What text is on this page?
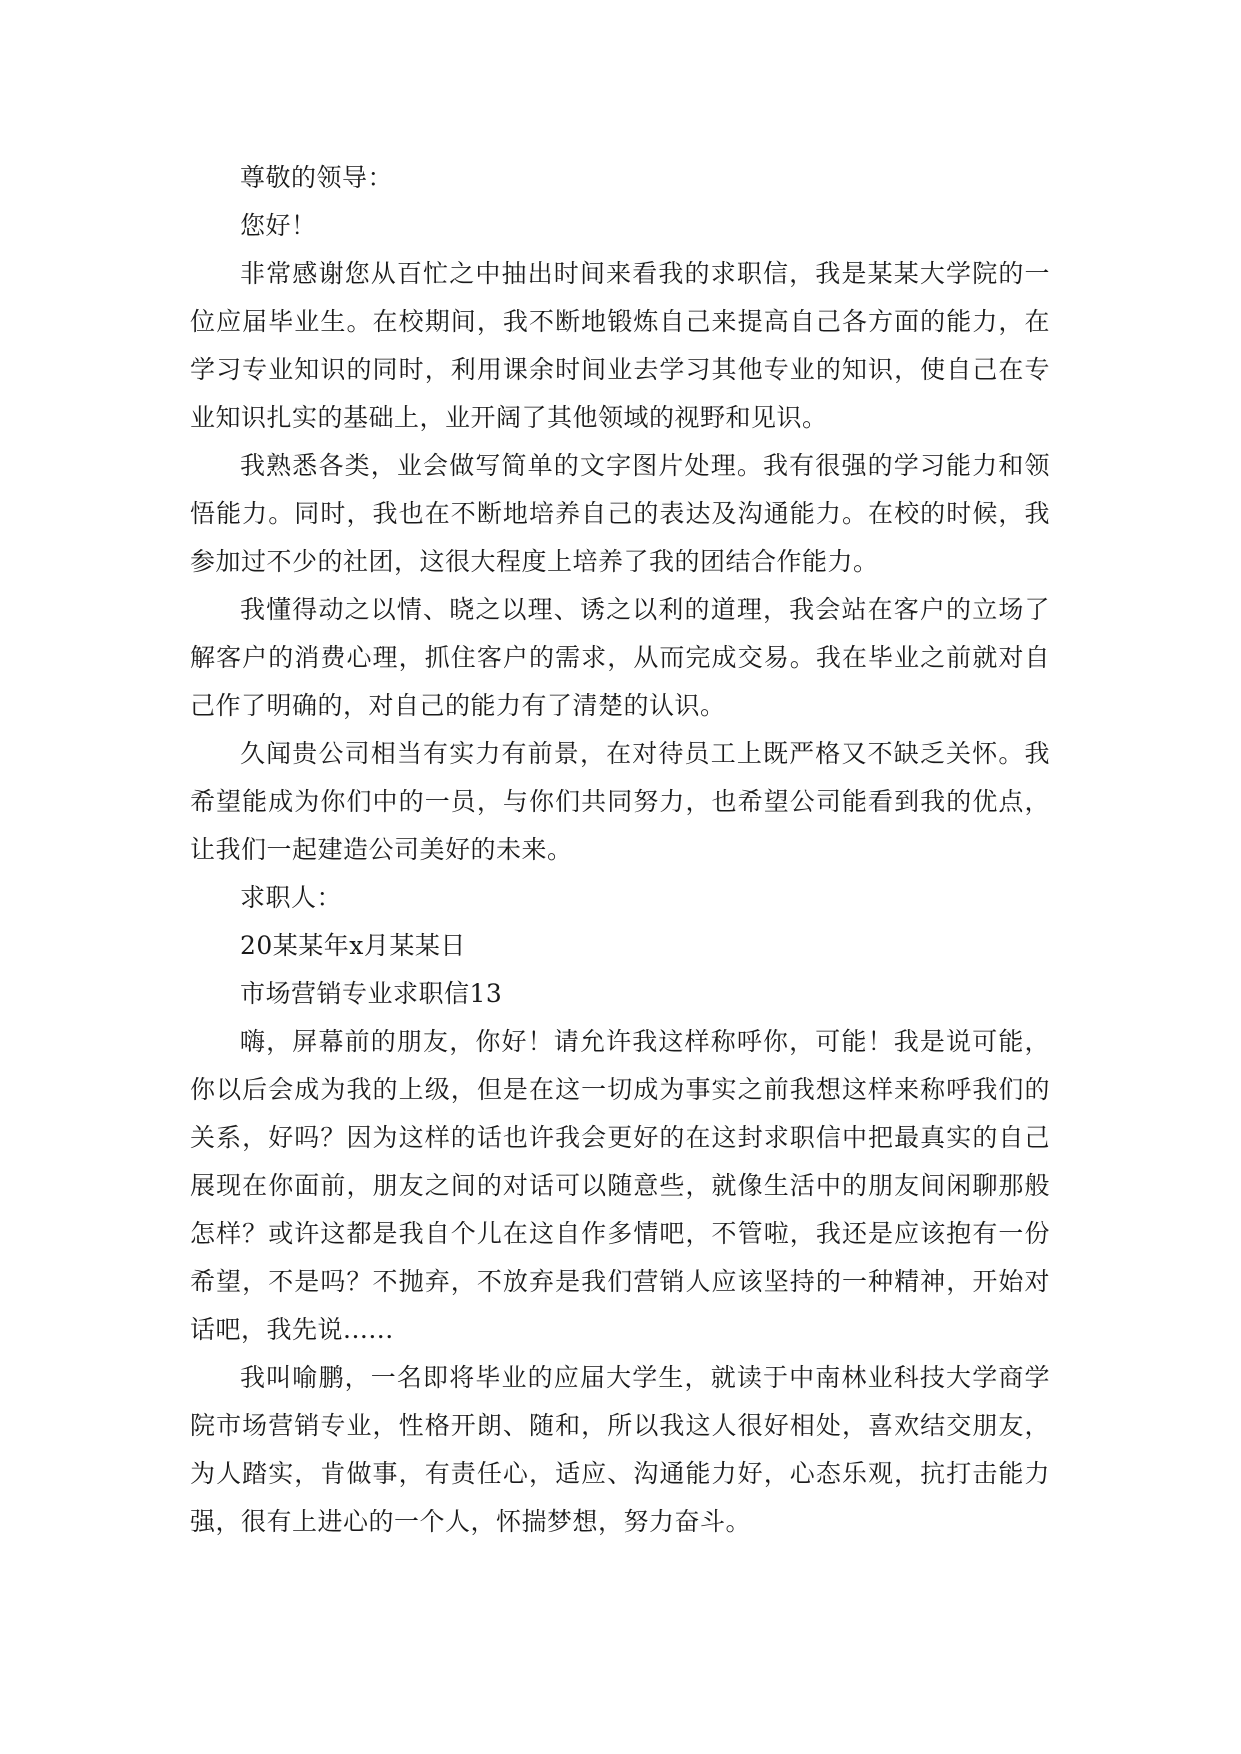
尊敬的领导：

您好！

非常感谢您从百忙之中抽出时间来看我的求职信，我是某某大学院的一位应届毕业生。在校期间，我不断地锻炼自己来提高自己各方面的能力，在学习专业知识的同时，利用课余时间业去学习其他专业的知识，使自己在专业知识扎实的基础上，业开阔了其他领域的视野和见识。

我熟悉各类，业会做写简单的文字图片处理。我有很强的学习能力和领悟能力。同时，我也在不断地培养自己的表达及沟通能力。在校的时候，我参加过不少的社团，这很大程度上培养了我的团结合作能力。

我懂得动之以情、晓之以理、诱之以利的道理，我会站在客户的立场了解客户的消费心理，抓住客户的需求，从而完成交易。我在毕业之前就对自己作了明确的，对自己的能力有了清楚的认识。

久闻贵公司相当有实力有前景，在对待员工上既严格又不缺乏关怀。我希望能成为你们中的一员，与你们共同努力，也希望公司能看到我的优点，让我们一起建造公司美好的未来。

求职人：

20某某年x月某某日

市场营销专业求职信13

嗨，屏幕前的朋友，你好！请允许我这样称呼你，可能！我是说可能，你以后会成为我的上级，但是在这一切成为事实之前我想这样来称呼我们的关系，好吗？因为这样的话也许我会更好的在这封求职信中把最真实的自己展现在你面前，朋友之间的对话可以随意些，就像生活中的朋友间闲聊那般怎样？或许这都是我自个儿在这自作多情吧，不管啦，我还是应该抱有一份希望，不是吗？不抛弃，不放弃是我们营销人应该坚持的一种精神，开始对话吧，我先说......

我叫喻鹏，一名即将毕业的应届大学生，就读于中南林业科技大学商学院市场营销专业，性格开朗、随和，所以我这人很好相处，喜欢结交朋友，为人踏实，肯做事，有责任心，适应、沟通能力好，心态乐观，抗打击能力强，很有上进心的一个人，怀揣梦想，努力奋斗。
